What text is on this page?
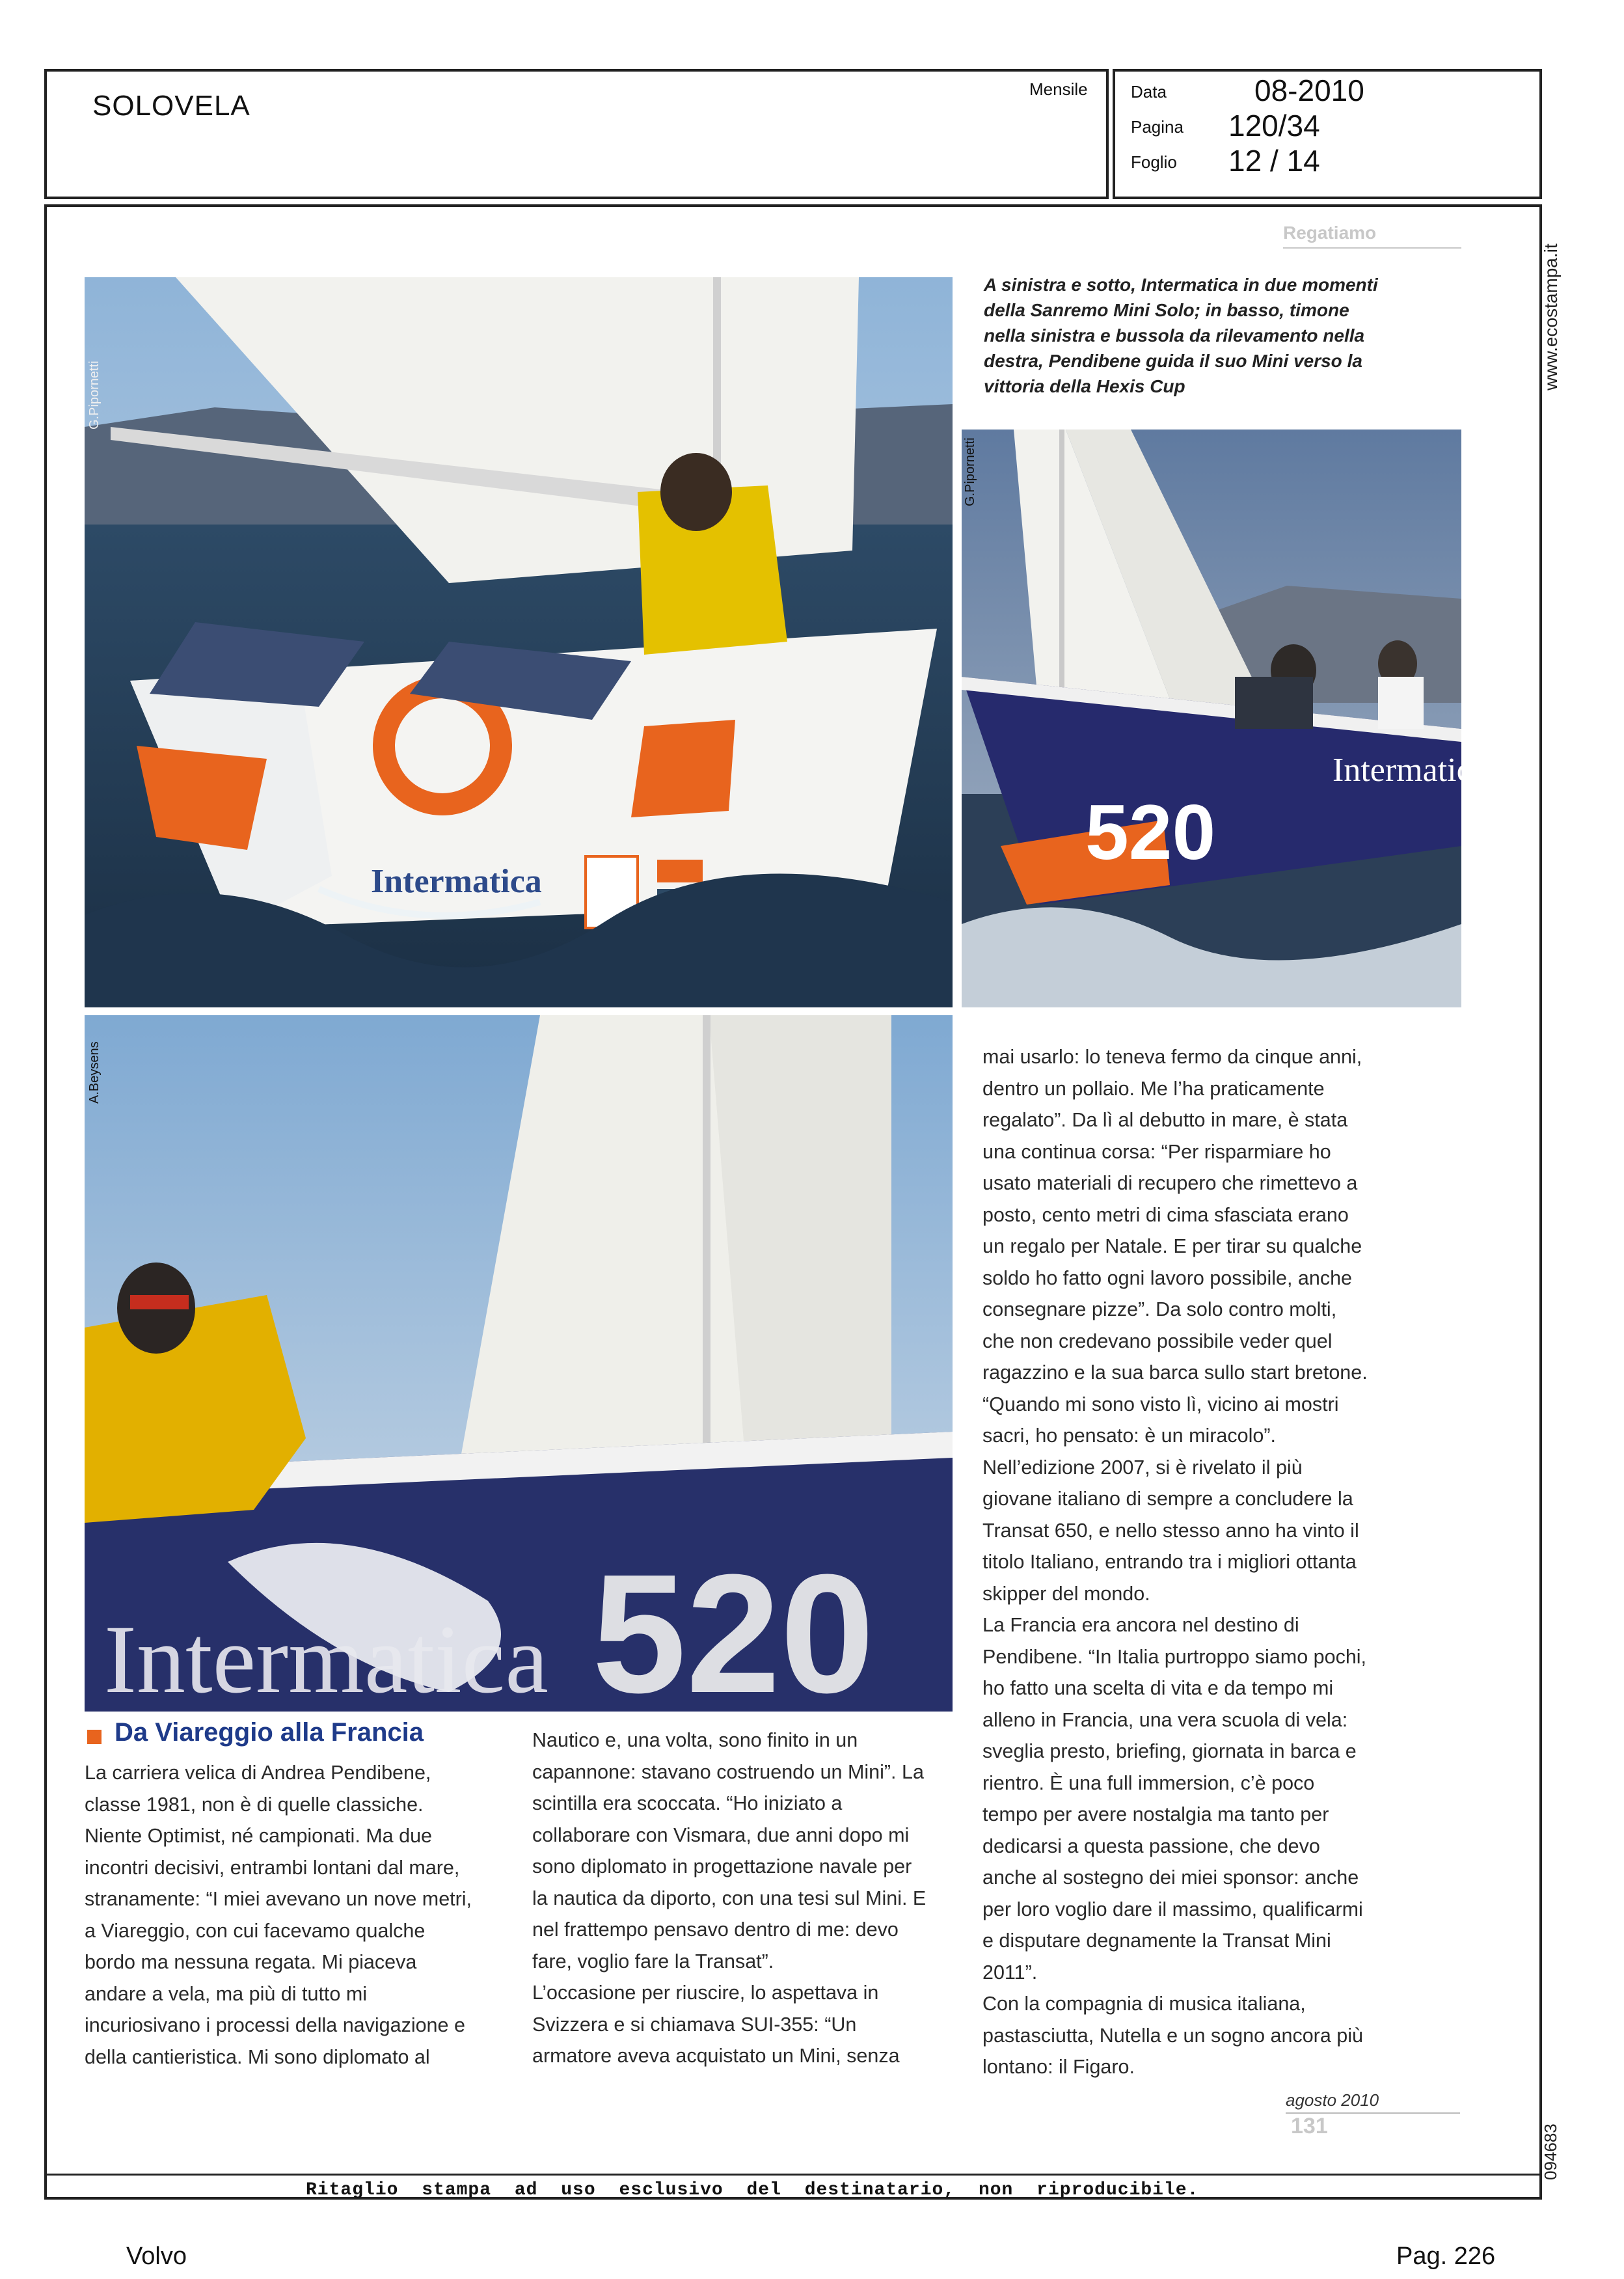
SOLOVELA
Mensile	Data	08-2010
Pagina 120/34
Foglio 12 / 14
www.ecostampa.it
094683
Regatiamo
Intermatica
G.Pipornetti
520
Intermatica
G.Pipornetti
A sinistra e sotto, Intermatica in due momenti della Sanremo Mini Solo; in basso, timone nella sinistra e bussola da rilevamento nella destra, Pendibene guida il suo Mini verso la vittoria della Hexis Cup
Intermatica 520
A.Beysens
Da Viareggio alla Francia
La carriera velica di Andrea Pendibene,
classe 1981, non è di quelle classiche.
Niente Optimist, né campionati. Ma due
incontri decisivi, entrambi lontani dal mare,
stranamente: “I miei avevano un nove metri,
a Viareggio, con cui facevamo qualche
bordo ma nessuna regata. Mi piaceva
andare a vela, ma più di tutto mi
incuriosivano i processi della navigazione e
della cantieristica. Mi sono diplomato al
Nautico e, una volta, sono finito in un
capannone: stavano costruendo un Mini”. La
scintilla era scoccata. “Ho iniziato a
collaborare con Vismara, due anni dopo mi
sono diplomato in progettazione navale per
la nautica da diporto, con una tesi sul Mini. E
nel frattempo pensavo dentro di me: devo
fare, voglio fare la Transat”.
L’occasione per riuscire, lo aspettava in
Svizzera e si chiamava SUI-355: “Un
armatore aveva acquistato un Mini, senza
mai usarlo: lo teneva fermo da cinque anni,
dentro un pollaio. Me l’ha praticamente
regalato”. Da lì al debutto in mare, è stata
una continua corsa: “Per risparmiare ho
usato materiali di recupero che rimettevo a
posto, cento metri di cima sfasciata erano
un regalo per Natale. E per tirar su qualche
soldo ho fatto ogni lavoro possibile, anche
consegnare pizze”. Da solo contro molti,
che non credevano possibile veder quel
ragazzino e la sua barca sullo start bretone.
“Quando mi sono visto lì, vicino ai mostri
sacri, ho pensato: è un miracolo”.
Nell’edizione 2007, si è rivelato il più
giovane italiano di sempre a concludere la
Transat 650, e nello stesso anno ha vinto il
titolo Italiano, entrando tra i migliori ottanta
skipper del mondo.
La Francia era ancora nel destino di
Pendibene. “In Italia purtroppo siamo pochi,
ho fatto una scelta di vita e da tempo mi
alleno in Francia, una vera scuola di vela:
sveglia presto, briefing, giornata in barca e
rientro. È una full immersion, c’è poco
tempo per avere nostalgia ma tanto per
dedicarsi a questa passione, che devo
anche al sostegno dei miei sponsor: anche
per loro voglio dare il massimo, qualificarmi
e disputare degnamente la Transat Mini
2011”.
Con la compagnia di musica italiana,
pastasciutta, Nutella e un sogno ancora più
lontano: il Figaro.
agosto 2010
131
Ritaglio stampa ad uso esclusivo del destinatario, non riproducibile.
Volvo	Pag. 226
